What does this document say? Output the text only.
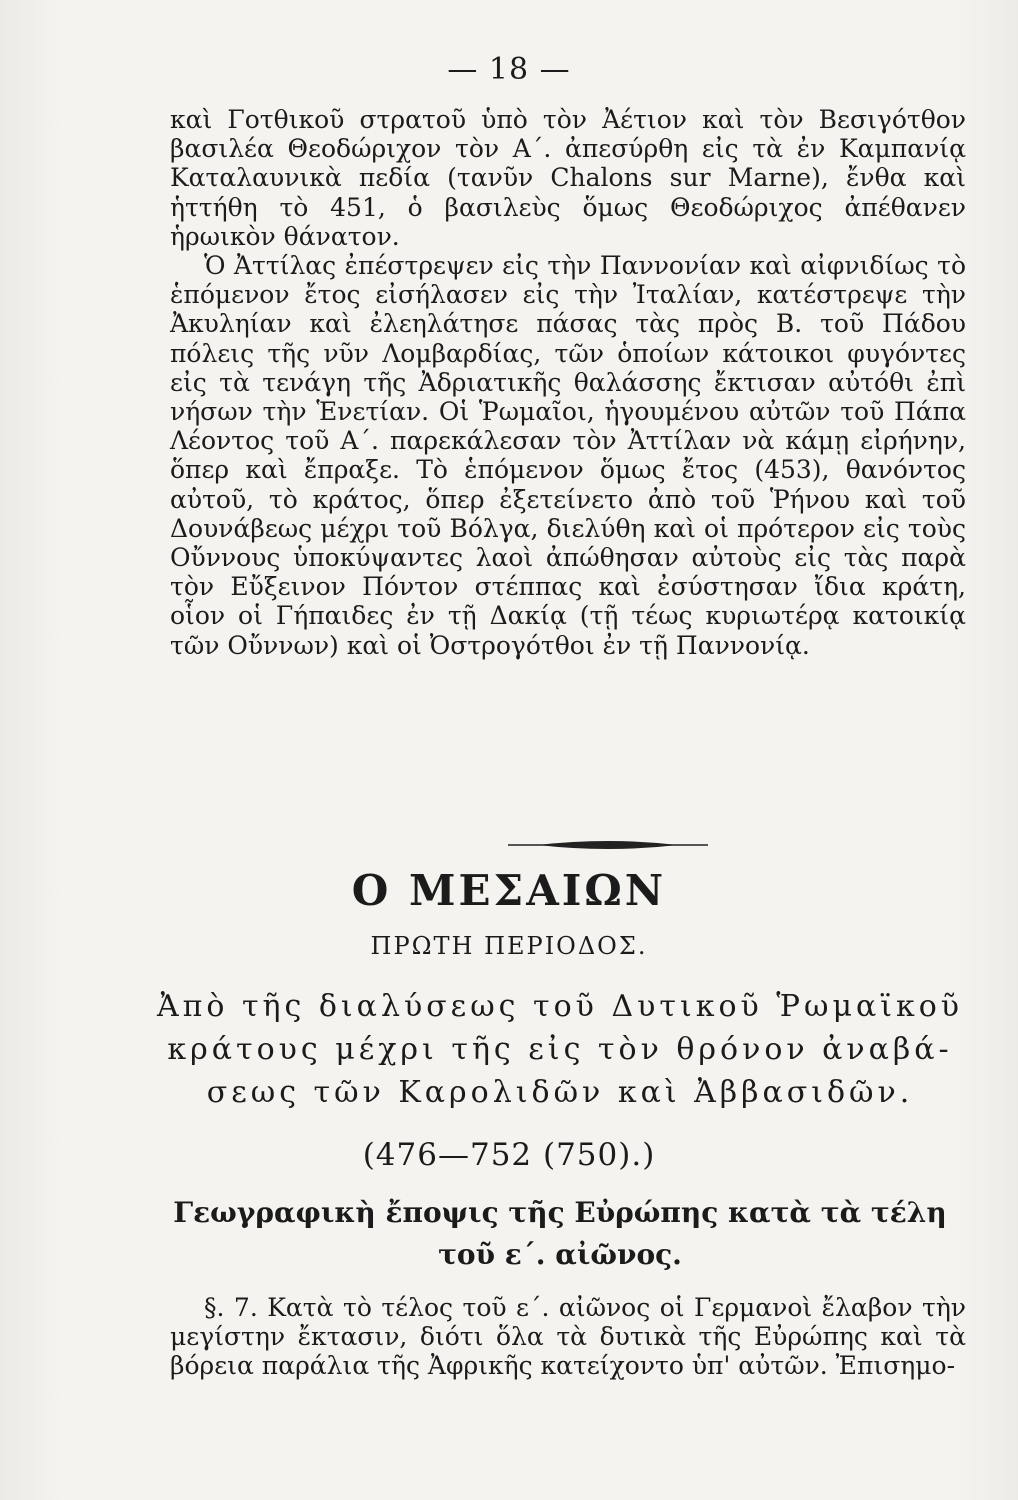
— 18 —

καὶ Γοτθικοῦ στρατοῦ ὑπὸ τὸν Ἀέτιον καὶ τὸν Βεσιγότθον βασιλέα Θεοδώριχον τὸν Α΄. ἀπεσύρθη εἰς τὰ ἐν Καμπανίᾳ Καταλαυνικὰ πεδία (τανῦν Chalons sur Marne), ἔνθα καὶ ἡττήθη τὸ 451, ὁ βασιλεὺς ὅμως Θεοδώριχος ἀπέθανεν ἡρωικὸν θάνατον.

Ὁ Ἀττίλας ἐπέστρεψεν εἰς τὴν Παννονίαν καὶ αἰφνιδίως τὸ ἑπόμενον ἔτος εἰσήλασεν εἰς τὴν Ἰταλίαν, κατέστρεψε τὴν Ἀκυληίαν καὶ ἐλεηλάτησε πάσας τὰς πρὸς Β. τοῦ Πάδου πόλεις τῆς νῦν Λομβαρδίας, τῶν ὁποίων κάτοικοι φυγόντες εἰς τὰ τενάγη τῆς Ἀδριατικῆς θαλάσσης ἔκτισαν αὐτόθι ἐπὶ νήσων τὴν Ἑνετίαν. Οἱ Ῥωμαῖοι, ἡγουμένου αὐτῶν τοῦ Πάπα Λέοντος τοῦ Α΄. παρεκάλεσαν τὸν Ἀττίλαν νὰ κάμῃ εἰρήνην, ὅπερ καὶ ἔπραξε. Τὸ ἑπόμενον ὅμως ἔτος (453), θανόντος αὐτοῦ, τὸ κράτος, ὅπερ ἐξετείνετο ἀπὸ τοῦ Ῥήνου καὶ τοῦ Δουνάβεως μέχρι τοῦ Βόλγα, διελύθη καὶ οἱ πρότερον εἰς τοὺς Οὔννους ὑποκύψαντες λαοὶ ἀπώθησαν αὐτοὺς εἰς τὰς παρὰ τὸν Εὔξεινον Πόντον στέππας καὶ ἐσύστησαν ἴδια κράτη, οἷον οἱ Γήπαιδες ἐν τῇ Δακίᾳ (τῇ τέως κυριωτέρᾳ κατοικίᾳ τῶν Οὔννων) καὶ οἱ Ὀστρογότθοι ἐν τῇ Παννονίᾳ.

Ο ΜΕΣΑΙΩΝ
ΠΡΩΤΗ ΠΕΡΙΟΔΟΣ.

Ἀπὸ τῆς διαλύσεως τοῦ Δυτικοῦ Ῥωμαϊκοῦ

κράτους μέχρι τῆς εἰς τὸν θρόνον ἀναβά-

σεως τῶν Καρολιδῶν καὶ Ἀββασιδῶν.

(476—752 (750).)

Γεωγραφικὴ ἔποψις τῆς Εὐρώπης κατὰ τὰ τέλη

τοῦ ε΄. αἰῶνος.

§. 7. Κατὰ τὸ τέλος τοῦ ε΄. αἰῶνος οἱ Γερμανοὶ ἔλαβον τὴν μεγίστην ἔκτασιν, διότι ὅλα τὰ δυτικὰ τῆς Εὐρώπης καὶ τὰ βόρεια παράλια τῆς Ἀφρικῆς κατείχοντο ὑπ' αὐτῶν. Ἐπισημο-
